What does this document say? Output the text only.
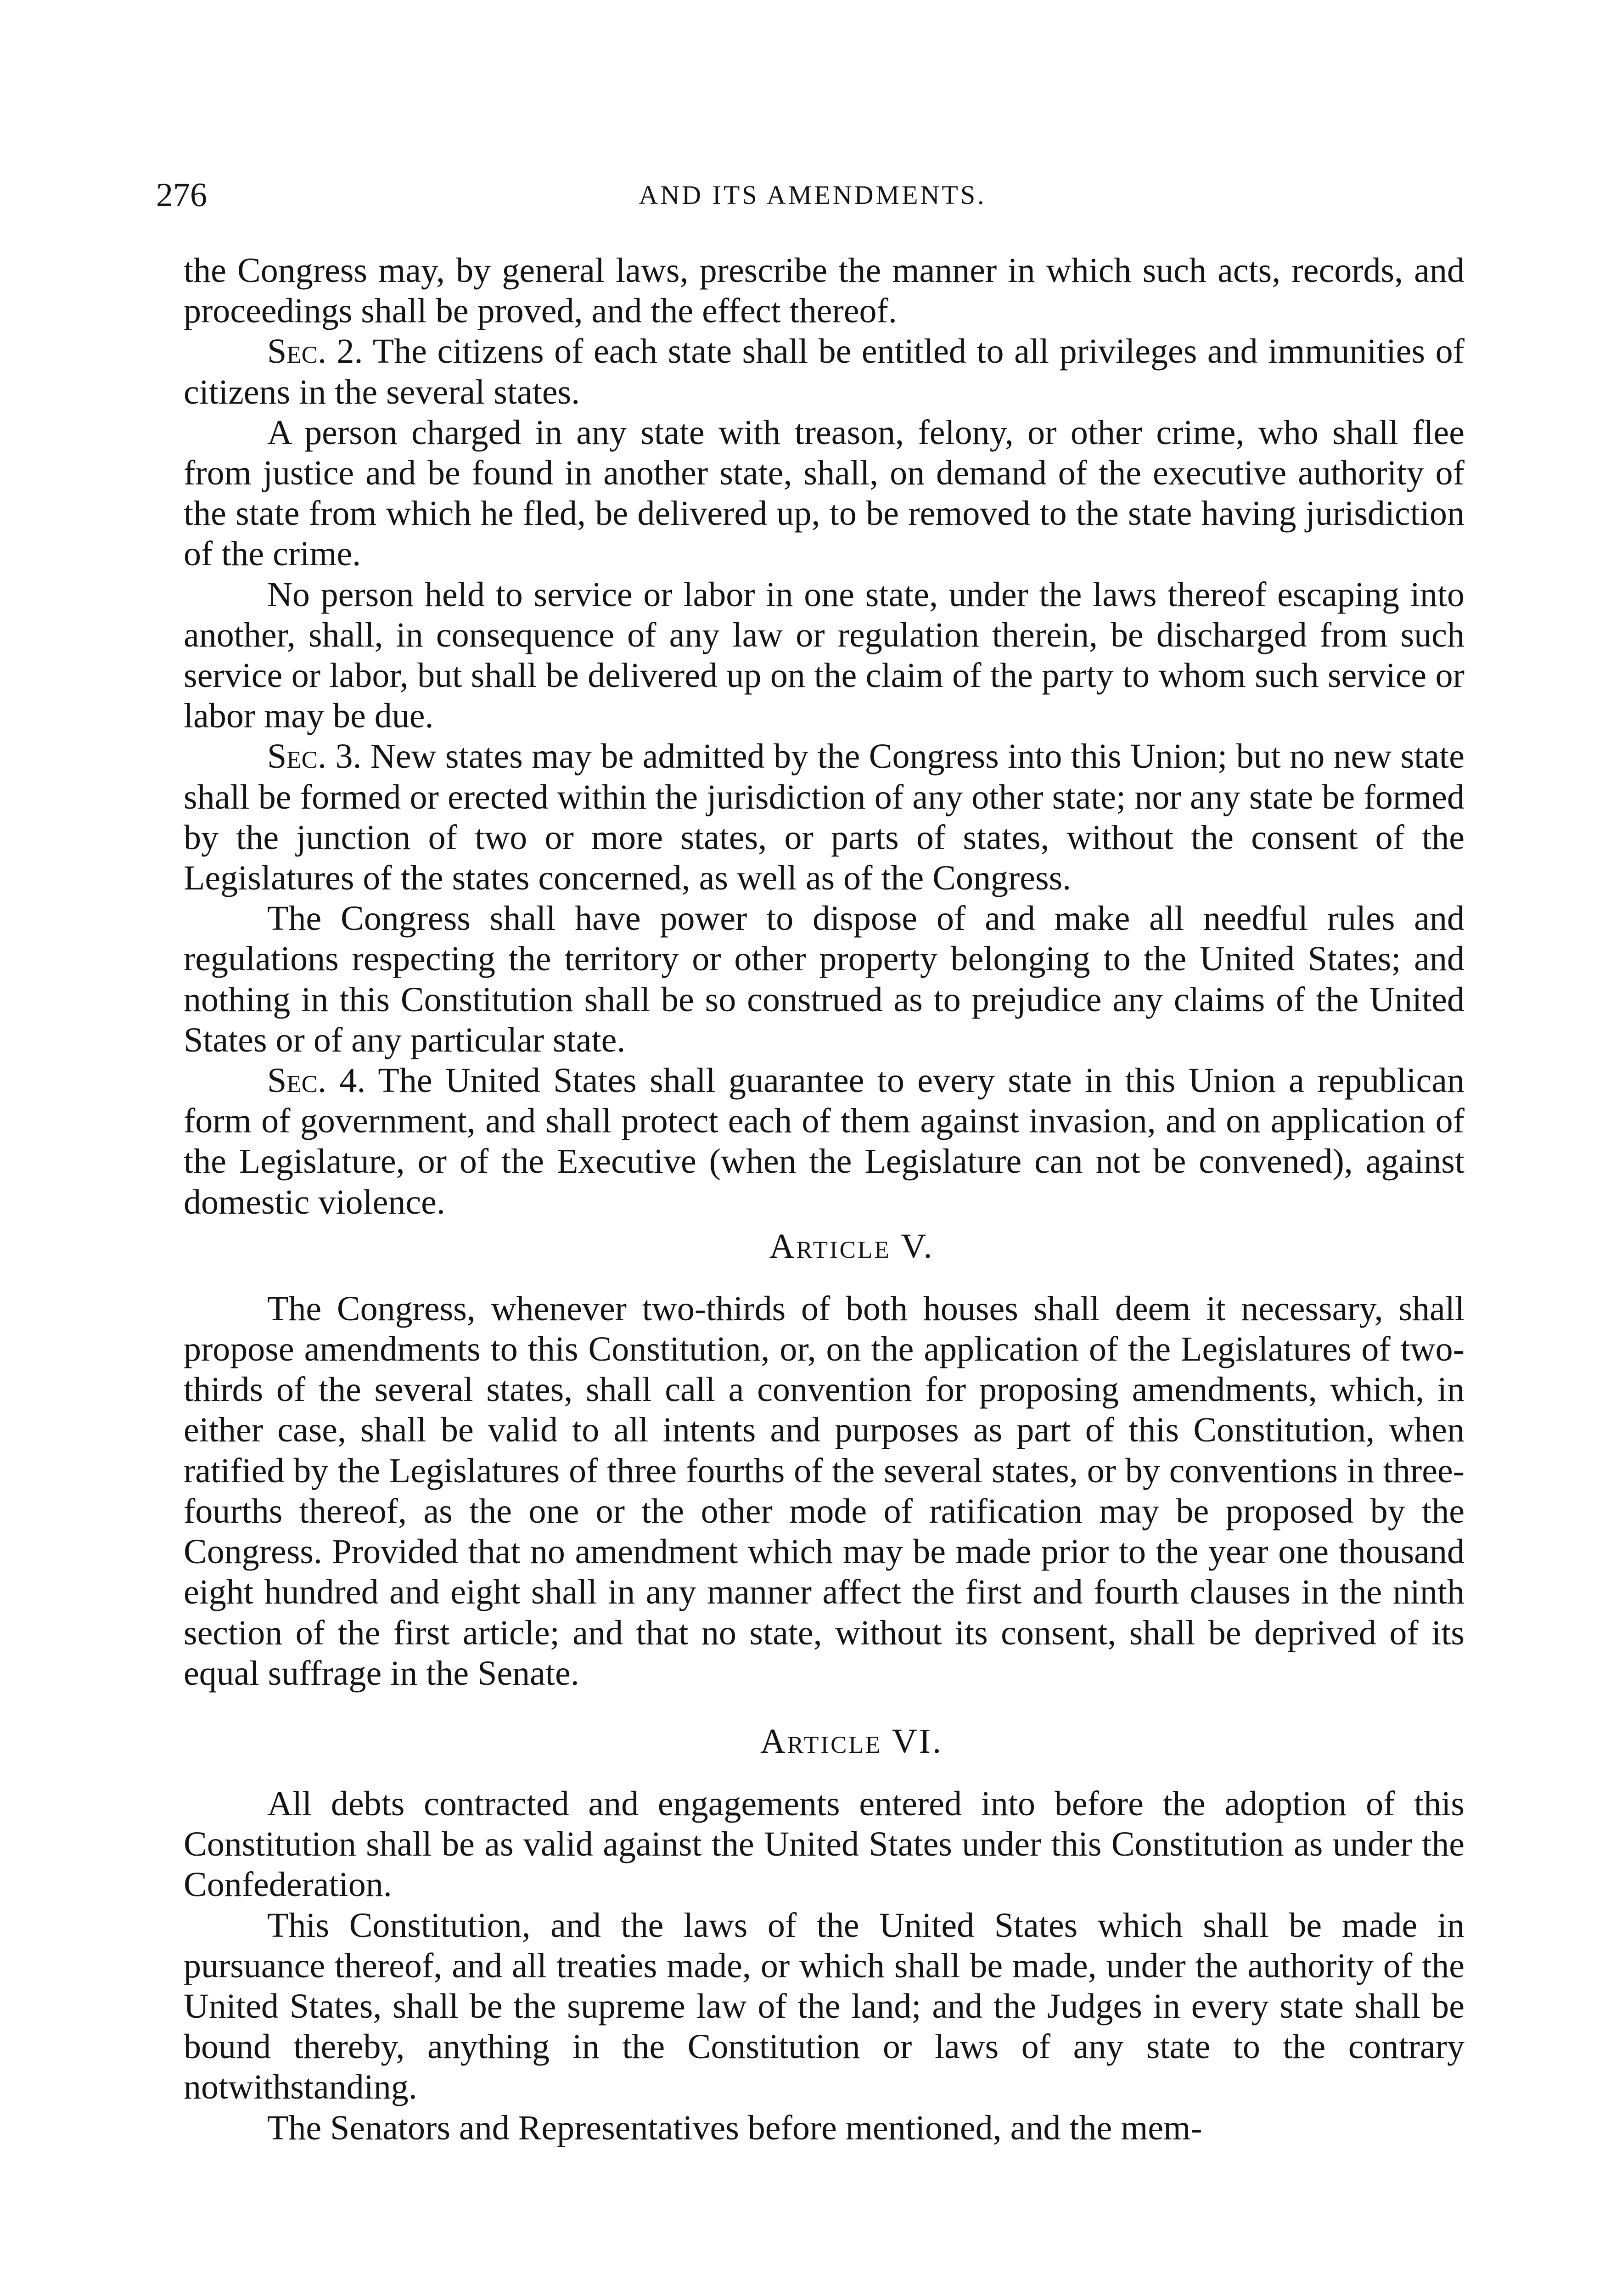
276	AND ITS AMENDMENTS.

the Congress may, by general laws, prescribe the manner in which such acts, records, and proceedings shall be proved, and the effect thereof.

Sec. 2. The citizens of each state shall be entitled to all privileges and immunities of citizens in the several states.

A person charged in any state with treason, felony, or other crime, who shall flee from justice and be found in another state, shall, on demand of the executive authority of the state from which he fled, be delivered up, to be removed to the state having jurisdiction of the crime.

No person held to service or labor in one state, under the laws thereof escaping into another, shall, in consequence of any law or regulation therein, be discharged from such service or labor, but shall be delivered up on the claim of the party to whom such service or labor may be due.

Sec. 3. New states may be admitted by the Congress into this Union; but no new state shall be formed or erected within the jurisdiction of any other state; nor any state be formed by the junction of two or more states, or parts of states, without the consent of the Legislatures of the states concerned, as well as of the Congress.

The Congress shall have power to dispose of and make all needful rules and regulations respecting the territory or other property belonging to the United States; and nothing in this Constitution shall be so construed as to prejudice any claims of the United States or of any particular state.

Sec. 4. The United States shall guarantee to every state in this Union a republican form of government, and shall protect each of them against invasion, and on application of the Legislature, or of the Executive (when the Legislature can not be convened), against domestic violence.

Article V.

The Congress, whenever two-thirds of both houses shall deem it necessary, shall propose amendments to this Constitution, or, on the application of the Legislatures of two-thirds of the several states, shall call a convention for proposing amendments, which, in either case, shall be valid to all intents and purposes as part of this Constitution, when ratified by the Legislatures of three fourths of the several states, or by conventions in three-fourths thereof, as the one or the other mode of ratification may be proposed by the Congress. Provided that no amendment which may be made prior to the year one thousand eight hundred and eight shall in any manner affect the first and fourth clauses in the ninth section of the first article; and that no state, without its consent, shall be deprived of its equal suffrage in the Senate.

Article VI.

All debts contracted and engagements entered into before the adoption of this Constitution shall be as valid against the United States under this Constitution as under the Confederation.

This Constitution, and the laws of the United States which shall be made in pursuance thereof, and all treaties made, or which shall be made, under the authority of the United States, shall be the supreme law of the land; and the Judges in every state shall be bound thereby, anything in the Constitution or laws of any state to the contrary notwithstanding.

The Senators and Representatives before mentioned, and the mem-
